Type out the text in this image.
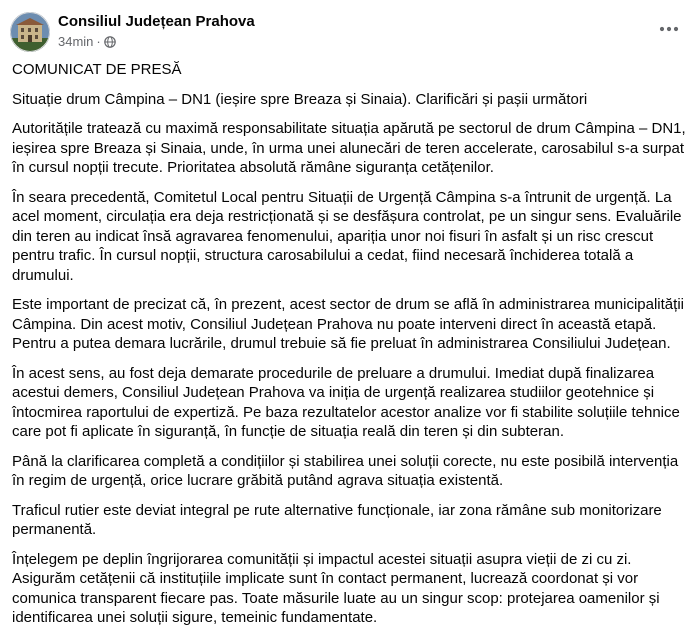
Consiliul Județean Prahova
34min ·

COMUNICAT DE PRESĂ

Situație drum Câmpina – DN1 (ieșire spre Breaza și Sinaia). Clarificări și pașii următori

Autoritățile tratează cu maximă responsabilitate situația apărută pe sectorul de drum Câmpina – DN1, ieșirea spre Breaza și Sinaia, unde, în urma unei alunecări de teren accelerate, carosabilul s-a surpat în cursul nopții trecute. Prioritatea absolută rămâne siguranța cetățenilor.

În seara precedentă, Comitetul Local pentru Situații de Urgență Câmpina s-a întrunit de urgență. La acel moment, circulația era deja restricționată și se desfășura controlat, pe un singur sens. Evaluările din teren au indicat însă agravarea fenomenului, apariția unor noi fisuri în asfalt și un risc crescut pentru trafic. În cursul nopții, structura carosabilului a cedat, fiind necesară închiderea totală a drumului.

Este important de precizat că, în prezent, acest sector de drum se află în administrarea municipalității Câmpina. Din acest motiv, Consiliul Județean Prahova nu poate interveni direct în această etapă. Pentru a putea demara lucrările, drumul trebuie să fie preluat în administrarea Consiliului Județean.

În acest sens, au fost deja demarate procedurile de preluare a drumului. Imediat după finalizarea acestui demers, Consiliul Județean Prahova va iniția de urgență realizarea studiilor geotehnice și întocmirea raportului de expertiză. Pe baza rezultatelor acestor analize vor fi stabilite soluțiile tehnice care pot fi aplicate în siguranță, în funcție de situația reală din teren și din subteran.

Până la clarificarea completă a condițiilor și stabilirea unei soluții corecte, nu este posibilă intervenția în regim de urgență, orice lucrare grăbită putând agrava situația existentă.

Traficul rutier este deviat integral pe rute alternative funcționale, iar zona rămâne sub monitorizare permanentă.

Înțelegem pe deplin îngrijorarea comunității și impactul acestei situații asupra vieții de zi cu zi. Asigurăm cetățenii că instituțiile implicate sunt în contact permanent, lucrează coordonat și vor comunica transparent fiecare pas. Toate măsurile luate au un singur scop: protejarea oamenilor și identificarea unei soluții sigure, temeinic fundamentate.
